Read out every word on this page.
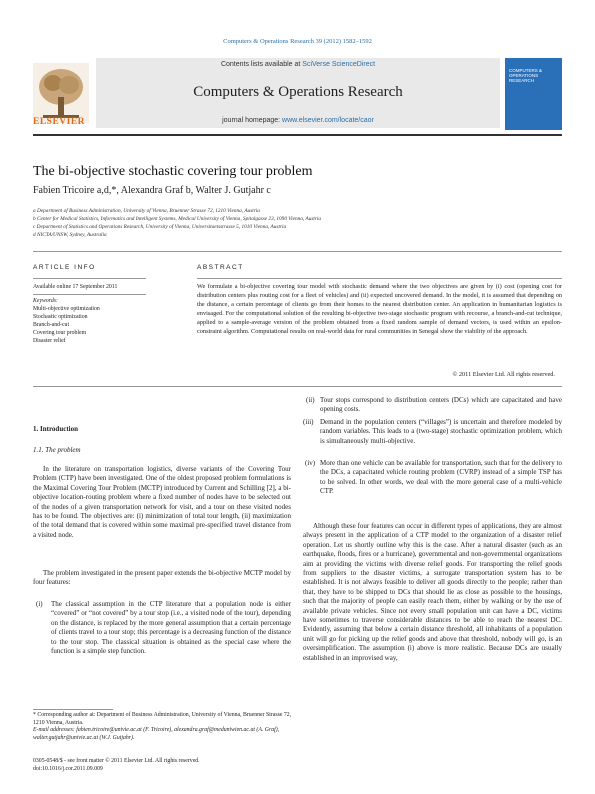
Computers & Operations Research 39 (2012) 1582–1592
ELSEVIER
Contents lists available at SciVerse ScienceDirect
Computers & Operations Research
journal homepage: www.elsevier.com/locate/caor
COMPUTERS & OPERATIONS RESEARCH
The bi-objective stochastic covering tour problem
Fabien Tricoire a,d,*, Alexandra Graf b, Walter J. Gutjahr c
a Department of Business Administration, University of Vienna, Bruenner Strasse 72, 1210 Vienna, Austria
b Center for Medical Statistics, Informatics and Intelligent Systems, Medical University of Vienna, Spitalgasse 23, 1090 Vienna, Austria
c Department of Statistics and Operations Research, University of Vienna, Universitaetsstrasse 5, 1010 Vienna, Austria
d NICTA/UNSW, Sydney, Australia
ARTICLE INFO	ABSTRACT
Available online 17 September 2011
Keywords:
Multi-objective optimization
Stochastic optimization
Branch-and-cut
Covering tour problem
Disaster relief
We formulate a bi-objective covering tour model with stochastic demand where the two objectives are given by (i) cost (opening cost for distribution centers plus routing cost for a fleet of vehicles) and (ii) expected uncovered demand. In the model, it is assumed that depending on the distance, a certain percentage of clients go from their homes to the nearest distribution center. An application in humanitarian logistics is envisaged. For the computational solution of the resulting bi-objective two-stage stochastic program with recourse, a branch-and-cut technique, applied to a sample-average version of the problem obtained from a fixed random sample of demand vectors, is used within an epsilon-constraint algorithm. Computational results on real-world data for rural communities in Senegal show the viability of the approach.
© 2011 Elsevier Ltd. All rights reserved.
1. Introduction
1.1. The problem
In the literature on transportation logistics, diverse variants of the Covering Tour Problem (CTP) have been investigated. One of the oldest proposed problem formulations is the Maximal Covering Tour Problem (MCTP) introduced by Current and Schilling [2], a bi-objective location-routing problem where a fixed number of nodes have to be selected out of the nodes of a given transportation network for visit, and a tour on these visited nodes has to be found. The objectives are: (i) minimization of total tour length, (ii) maximization of the total demand that is covered within some maximal pre-specified travel distance from a visited node.
The problem investigated in the present paper extends the bi-objective MCTP model by four features:
(i) The classical assumption in the CTP literature that a population node is either “covered” or “not covered” by a tour stop (i.e., a visited node of the tour), depending on the distance, is replaced by the more general assumption that a certain percentage of clients travel to a tour stop; this percentage is a decreasing function of the distance to the tour stop. The classical situation is obtained as the special case where the function is a simple step function.
* Corresponding author at: Department of Business Administration, University of Vienna, Bruenner Strasse 72, 1210 Vienna, Austria.
E-mail addresses: fabien.tricoire@univie.ac.at (F. Tricoire), alexandra.graf@meduniwien.ac.at (A. Graf), walter.gutjahr@univie.ac.at (W.J. Gutjahr).
0305-0548/$ - see front matter © 2011 Elsevier Ltd. All rights reserved.
doi:10.1016/j.cor.2011.09.009
(ii) Tour stops correspond to distribution centers (DCs) which are capacitated and have opening costs.
(iii) Demand in the population centers (“villages”) is uncertain and therefore modeled by random variables. This leads to a (two-stage) stochastic optimization problem, which is simultaneously multi-objective.
(iv) More than one vehicle can be available for transportation, such that for the delivery to the DCs, a capacitated vehicle routing problem (CVRP) instead of a simple TSP has to be solved. In other words, we deal with the more general case of a multi-vehicle CTP.
Although these four features can occur in different types of applications, they are almost always present in the application of a CTP model to the organization of a disaster relief operation. Let us shortly outline why this is the case. After a natural disaster (such as an earthquake, floods, fires or a hurricane), governmental and non-governmental organizations aim at providing the victims with diverse relief goods. For transporting the relief goods from suppliers to the disaster victims, a surrogate transportation system has to be established. It is not always feasible to deliver all goods directly to the people; rather than that, they have to be shipped to DCs that should lie as close as possible to the housings, such that the majority of people can easily reach them, either by walking or by the use of available private vehicles. Since not every small population unit can have a DC, victims have sometimes to traverse considerable distances to be able to reach the nearest DC. Evidently, assuming that below a certain distance threshold, all inhabitants of a population unit will go for picking up the relief goods and above that threshold, nobody will go, is an oversimplification. The assumption (i) above is more realistic. Because DCs are usually established in an improvised way,
